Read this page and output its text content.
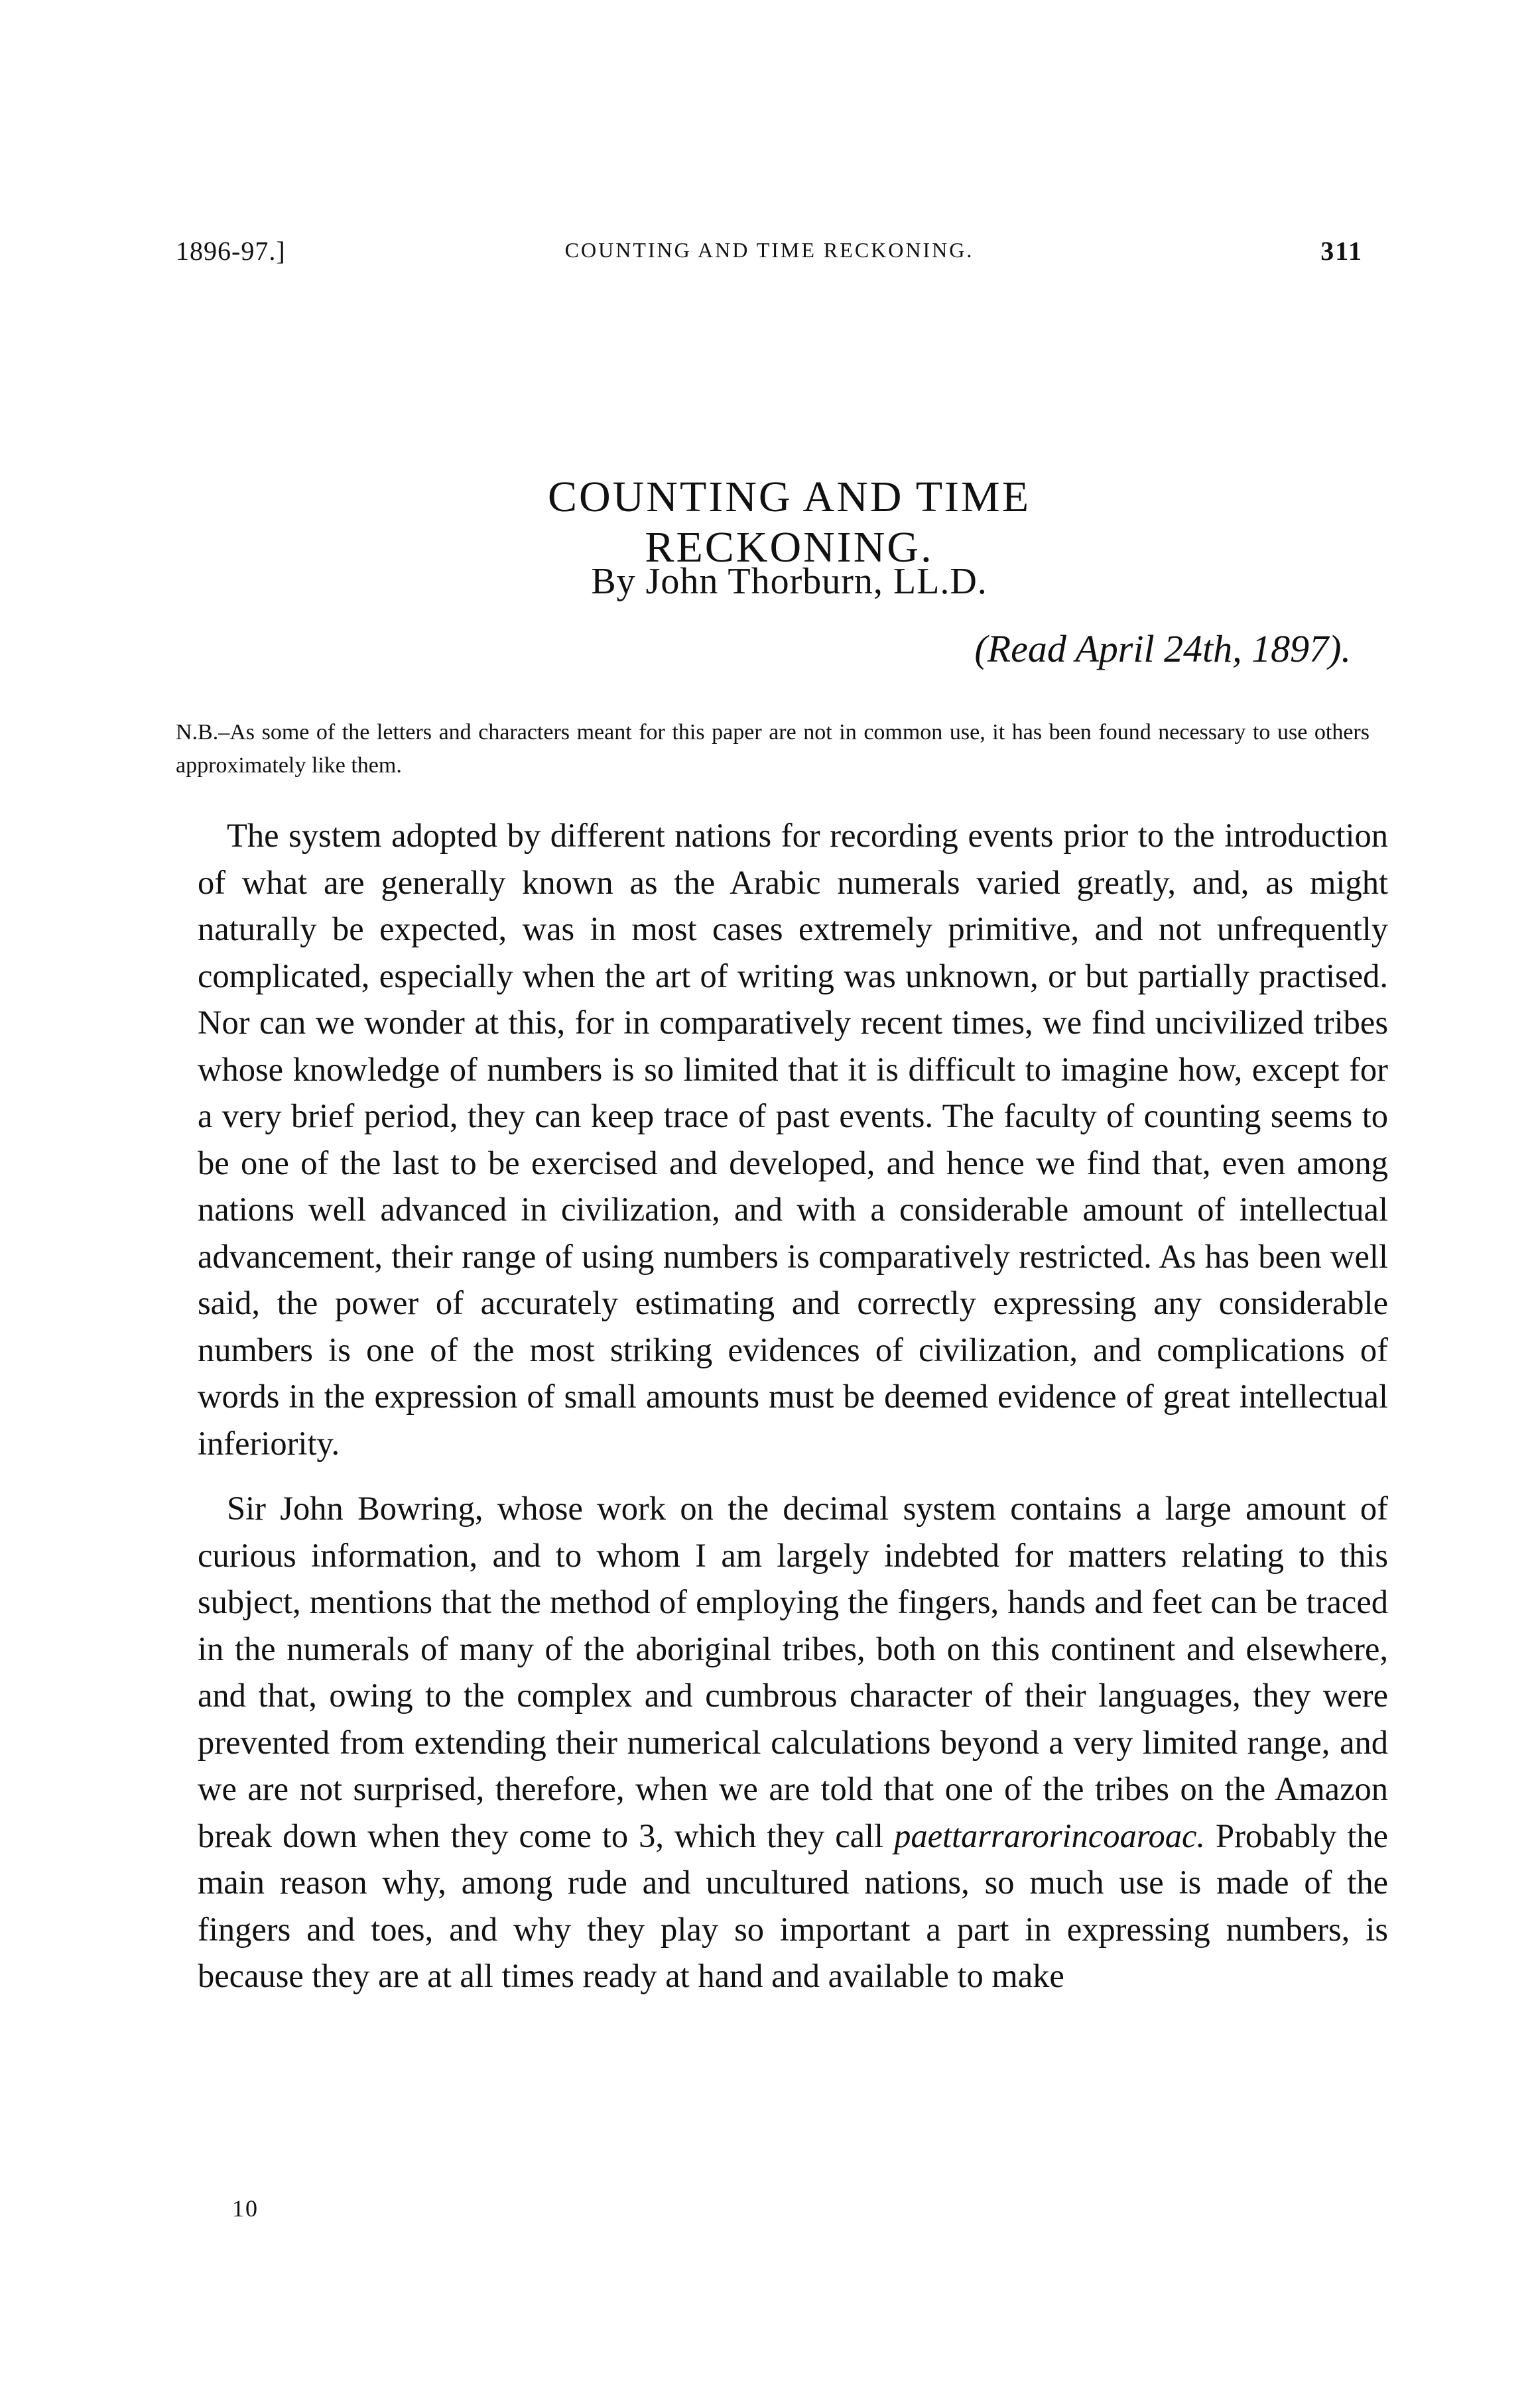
1896-97.]	COUNTING AND TIME RECKONING.	311
COUNTING AND TIME RECKONING.
By John Thorburn, LL.D.
(Read April 24th, 1897).
N.B.–As some of the letters and characters meant for this paper are not in common use, it has been found necessary to use others approximately like them.

The system adopted by different nations for recording events prior to the introduction of what are generally known as the Arabic numerals varied greatly, and, as might naturally be expected, was in most cases extremely primitive, and not unfrequently complicated, especially when the art of writing was unknown, or but partially practised. Nor can we wonder at this, for in comparatively recent times, we find uncivilized tribes whose knowledge of numbers is so limited that it is difficult to imagine how, except for a very brief period, they can keep trace of past events. The faculty of counting seems to be one of the last to be exercised and developed, and hence we find that, even among nations well advanced in civilization, and with a considerable amount of intellectual advancement, their range of using numbers is comparatively restricted. As has been well said, the power of accurately estimating and correctly expressing any considerable numbers is one of the most striking evidences of civilization, and complications of words in the expression of small amounts must be deemed evidence of great intellectual inferiority.

Sir John Bowring, whose work on the decimal system contains a large amount of curious information, and to whom I am largely indebted for matters relating to this subject, mentions that the method of employing the fingers, hands and feet can be traced in the numerals of many of the aboriginal tribes, both on this continent and elsewhere, and that, owing to the complex and cumbrous character of their languages, they were prevented from extending their numerical calculations beyond a very limited range, and we are not surprised, therefore, when we are told that one of the tribes on the Amazon break down when they come to 3, which they call paettarrarorincoaroac. Probably the main reason why, among rude and uncultured nations, so much use is made of the fingers and toes, and why they play so important a part in expressing numbers, is because they are at all times ready at hand and available to make

10
